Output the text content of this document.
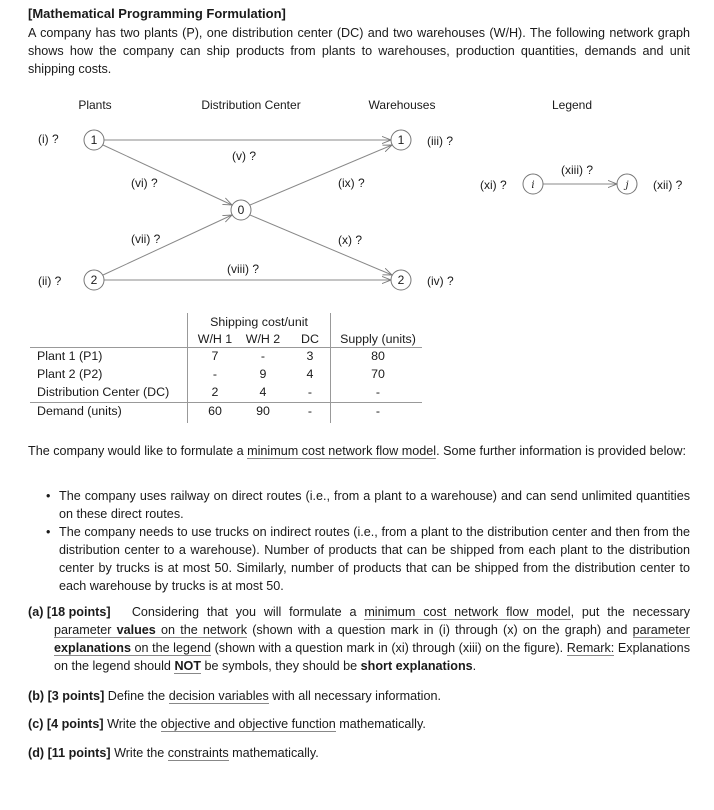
[Mathematical Programming Formulation]
A company has two plants (P), one distribution center (DC) and two warehouses (W/H). The following network graph shows how the company can ship products from plants to warehouses, production quantities, demands and unit shipping costs.
Plants	Distribution Center	Warehouses	Legend
1
2
0
1
2
i	j
(i) ?
(ii) ?
(iii) ?
(iv) ?
(v) ?
(vi) ?
(vii) ?
(viii) ?
(ix) ?
(x) ?
(xi) ?	(xii) ?
(xiii) ?
Shipping cost/unit
W/H 1	W/H 2	DC	Supply (units)
Plant 1 (P1)	7	-	3	80
Plant 2 (P2)	-	9	4	70
Distribution Center (DC)	2	4	-	-
Demand (units)	60	90	-	-
The company would like to formulate a minimum cost network flow model. Some further information is provided below:
• The company uses railway on direct routes (i.e., from a plant to a warehouse) and can send unlimited quantities on these direct routes.
• The company needs to use trucks on indirect routes (i.e., from a plant to the distribution center and then from the distribution center to a warehouse). Number of products that can be shipped from each plant to the distribution center by trucks is at most 50. Similarly, number of products that can be shipped from the distribution center to each warehouse by trucks is at most 50.
(a) [18 points]	Considering that you will formulate a minimum cost network flow model, put the necessary parameter values on the network (shown with a question mark in (i) through (x) on the graph) and parameter explanations on the legend (shown with a question mark in (xi) through (xiii) on the figure). Remark: Explanations on the legend should NOT be symbols, they should be short explanations.
(b) [3 points] Define the decision variables with all necessary information.
(c) [4 points] Write the objective and objective function mathematically.
(d) [11 points] Write the constraints mathematically.
